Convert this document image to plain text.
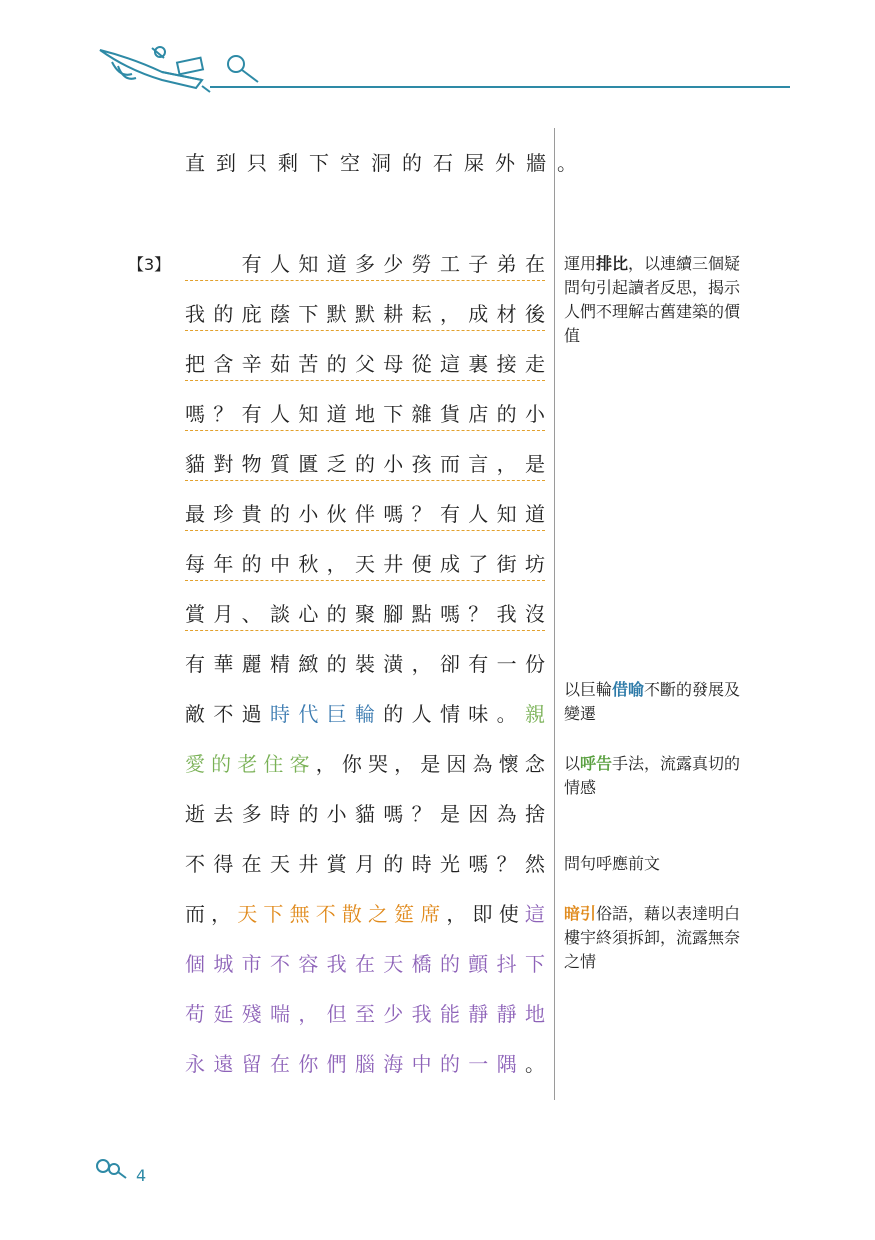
直 到 只 剩 下 空 洞 的 石 屎 外 牆 。
【3】

　	有 人 知 道 多 少 勞 工 子 弟 在
我 的 庇 蔭 下 默 默 耕 耘 ， 成 材 後
把 含 辛 茹 苦 的 父 母 從 這 裏 接 走
嗎 ？ 有 人 知 道 地 下 雜 貨 店 的 小
貓 對 物 質 匱 乏 的 小 孩 而 言 ， 是
最 珍 貴 的 小 伙 伴 嗎 ？ 有 人 知 道
每 年 的 中 秋 ， 天 井 便 成 了 街 坊
賞 月 、 談 心 的 聚 腳 點 嗎 ？ 我 沒
有 華 麗 精 緻 的 裝 潢 ， 卻 有 一 份
敵 不 過 時 代 巨 輪 的 人 情 味 。 親
愛 的 老 住 客 ， 你 哭 ， 是 因 為 懷 念
逝 去 多 時 的 小 貓 嗎 ？ 是 因 為 捨
不 得 在 天 井 賞 月 的 時 光 嗎 ？ 然
而 ， 天 下 無 不 散 之 筵 席 ， 即 使 這
個 城 市 不 容 我 在 天 橋 的 顫 抖 下
苟 延 殘 喘 ， 但 至 少 我 能 靜 靜 地
永 遠 留 在 你 們 腦 海 中 的 一 隅 。
運用排比，以連續三個疑問句引起讀者反思，揭示人們不理解古舊建築的價值
以巨輪借喻不斷的發展及變遷
以呼告手法，流露真切的情感
問句呼應前文
暗引俗語，藉以表達明白樓宇終須拆卸，流露無奈之情
4
